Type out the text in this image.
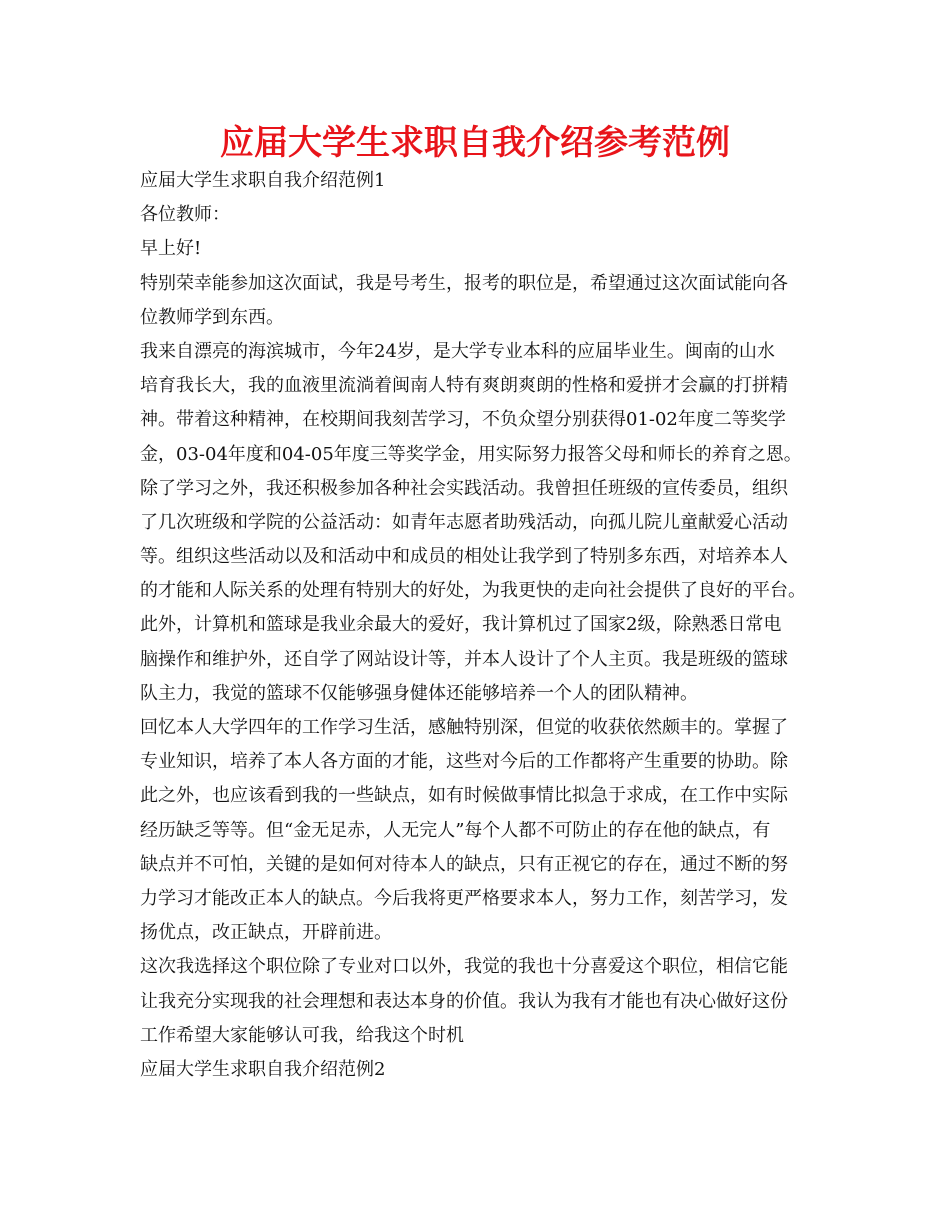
应届大学生求职自我介绍参考范例
应届大学生求职自我介绍范例1
各位教师：
早上好!
特别荣幸能参加这次面试，我是号考生，报考的职位是，希望通过这次面试能向各
位教师学到东西。
我来自漂亮的海滨城市，今年24岁，是大学专业本科的应届毕业生。闽南的山水
培育我长大，我的血液里流淌着闽南人特有爽朗爽朗的性格和爱拼才会赢的打拼精
神。带着这种精神，在校期间我刻苦学习，不负众望分别获得01-02年度二等奖学
金，03-04年度和04-05年度三等奖学金，用实际努力报答父母和师长的养育之恩。
除了学习之外，我还积极参加各种社会实践活动。我曾担任班级的宣传委员，组织
了几次班级和学院的公益活动：如青年志愿者助残活动，向孤儿院儿童献爱心活动
等。组织这些活动以及和活动中和成员的相处让我学到了特别多东西，对培养本人
的才能和人际关系的处理有特别大的好处，为我更快的走向社会提供了良好的平台。
此外，计算机和篮球是我业余最大的爱好，我计算机过了国家2级，除熟悉日常电
脑操作和维护外，还自学了网站设计等，并本人设计了个人主页。我是班级的篮球
队主力，我觉的篮球不仅能够强身健体还能够培养一个人的团队精神。
回忆本人大学四年的工作学习生活，感触特别深，但觉的收获依然颇丰的。掌握了
专业知识，培养了本人各方面的才能，这些对今后的工作都将产生重要的协助。除
此之外，也应该看到我的一些缺点，如有时候做事情比拟急于求成，在工作中实际
经历缺乏等等。但“金无足赤，人无完人”每个人都不可防止的存在他的缺点，有
缺点并不可怕，关键的是如何对待本人的缺点，只有正视它的存在，通过不断的努
力学习才能改正本人的缺点。今后我将更严格要求本人，努力工作，刻苦学习，发
扬优点，改正缺点，开辟前进。
这次我选择这个职位除了专业对口以外，我觉的我也十分喜爱这个职位，相信它能
让我充分实现我的社会理想和表达本身的价值。我认为我有才能也有决心做好这份
工作希望大家能够认可我，给我这个时机
应届大学生求职自我介绍范例2
